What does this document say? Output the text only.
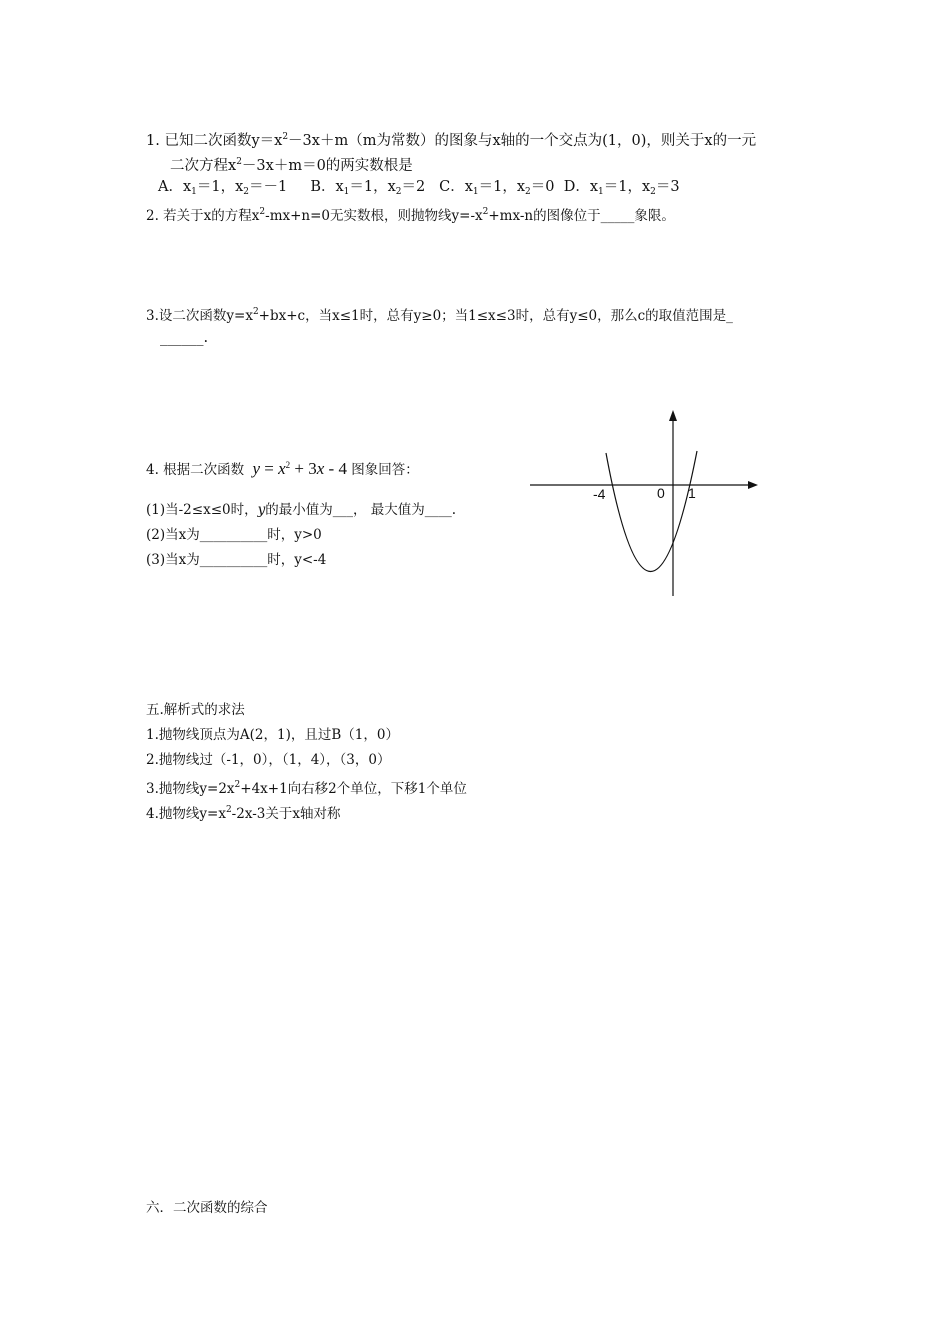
1. 已知二次函数$y=x^2-3x+m(m$为常数）的图象与x轴的一个交点为(1，0)，则关于x的一元
二次方程$x^2-3x+m=0$的两实数根是
A．$x_1=1$，$x_2=-1$ B．$x_1=1$，$x_2=2$ C．$x_1=1$，$x_2=0$ D．$x_1=1$，$x_2=3$
2. 若关于x的方程$x^2-mx+n=0$无实数根，则抛物线$y=-x^2+mx-n$的图像位于_____象限。
3.设二次函数$y=x^2+bx+c$，当x≤1时，总有y≥0；当1≤x≤3时，总有y≤0，那么c的取值范围是_
______.
4. 根据二次函数 $y = x^2 + 3x - 4$ 图象回答：
(1)当-2≤x≤0时，y的最小值为___， 最大值为____.
(2)当x为__________时，y>0
(3)当x为__________时，y<-4
-4	0 1
五.解析式的求法
1.抛物线顶点为A(2，1)，且过B（1，0）
2.抛物线过（-1，0），（1，4），（3，0）
3.抛物线$y=2x^2+4x+1$向右移2个单位，下移1个单位
4.抛物线$y=x^2-2x-3$关于x轴对称
六．二次函数的综合
